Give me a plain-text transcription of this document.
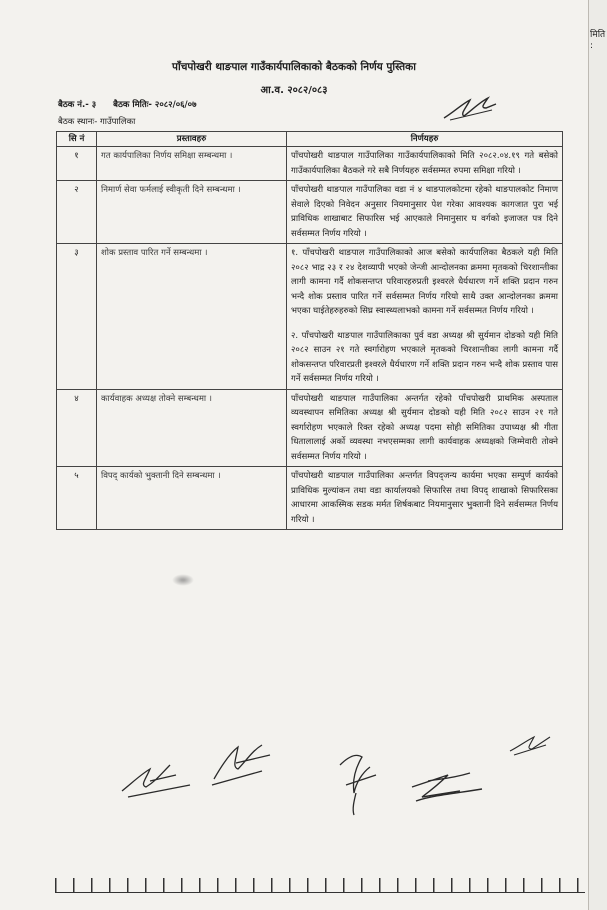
मिति :
पाँचपोखरी थाङपाल गाउँकार्यपालिकाको बैठकको निर्णय पुस्तिका
आ.व. २०८२/०८३
बैठक नं.- ३ बैठक मितिः- २०८२/०६/०७
बैठक स्थानः- गाउँपालिका
सि नं	प्रस्तावहरु	निर्णयहरु
१	गत कार्यपालिका निर्णय समिक्षा सम्बन्धमा ।	पाँचपोखरी थाङपाल गाउँपालिका गाउँकार्यपालिकाको मिति २०८२.०४.१९ गते बसेको गाउँकार्यपालिका बैठकले गरे सबै निर्णयहरु सर्वसम्मत रुपमा समिक्षा गरियो ।

२	निमार्ण सेवा फर्मलाई स्वीकृती दिने सम्बन्धमा ।	पाँचपोखरी थाङपाल गाउँपालिका वडा नं ४ थाङपालकोटमा रहेको थाङपालकोट निमाण सेवाले दिएको निवेदन अनुसार नियमानुसार पेश गरेका आवश्यक कागजात पुरा भई प्राविधिक शाखाबाट सिफारिस भई आएकाले निमानुसार घ वर्गको इजाजत पत्र दिने सर्वसम्मत निर्णय गरियो ।

३	शोक प्रस्ताव पारित गर्ने सम्बन्धमा ।	१. पाँचपोखरी थाङपाल गाउँपालिकाको आज बसेको कार्यपालिका बैठकले यही मिति २०८२ भाद्र २३ र २४ देशव्यापी भएको जेन्जी आन्दोलनका क्रममा मृतकको चिरशान्तीका लागी कामना गर्दै शोकसन्तप्त परिवारहरुप्रती इश्वरले धैर्यधारण गर्ने शक्ति प्रदान गरुन भन्दै शोक प्रस्ताव पारित गर्ने सर्वसम्मत निर्णय गरियो साथै उक्त आन्दोलनका क्रममा भएका घाईतेहरुहरुको सिघ्र स्वास्थ्यलाभको कामना गर्ने सर्वसम्मत निर्णय गरियो ।

२. पाँचपोखरी थाङपाल गाउँपालिकाका पुर्व वडा अध्यक्ष श्री सुर्यमान दोङको यही मिति २०८२ साउन २१ गते स्वर्गारोहण भएकाले मृतकको चिरशान्तीका लागी कामना गर्दै शोकसन्तप्त परिवारप्रती इश्वरले धैर्यधारण गर्ने शक्ति प्रदान गरुन भन्दै शोक प्रस्ताव पास गर्ने सर्वसम्मत निर्णय गरियो ।

४	कार्यवाहक अध्यक्ष तोक्ने सम्बन्धमा ।	पाँचपोखरी थाङपाल गाउँपालिका अन्तर्गत रहेको पाँचपोखरी प्राथमिक अस्पताल व्यवस्थापन समितिका अध्यक्ष श्री सुर्यमान दोङको यही मिति २०८२ साउन २१ गते स्वर्गारोहण भएकाले रिक्त रहेको अध्यक्ष पदमा सोही समितिका उपाध्यक्ष श्री गीता धितालालाई अर्को व्यवस्था नभएसम्मका लागी कार्यवाहक अध्यक्षको जिम्मेवारी तोक्ने सर्वसम्मत निर्णय गरियो ।

५	विपद् कार्यको भुक्तानी दिने सम्बन्धमा ।	पाँचपोखरी थाङपाल गाउँपालिका अन्तर्गत विपद्जन्य कार्यमा भएका सम्पुर्ण कार्यको प्राविधिक मुल्यांकन तथा वडा कार्यालयको सिफारिस तथा विपद् शाखाको सिफारिसका आधारमा आकस्मिक सडक मर्मत शिर्षकबाट नियमानुसार भुक्तानी दिने सर्वसम्मत निर्णय गरियो ।
